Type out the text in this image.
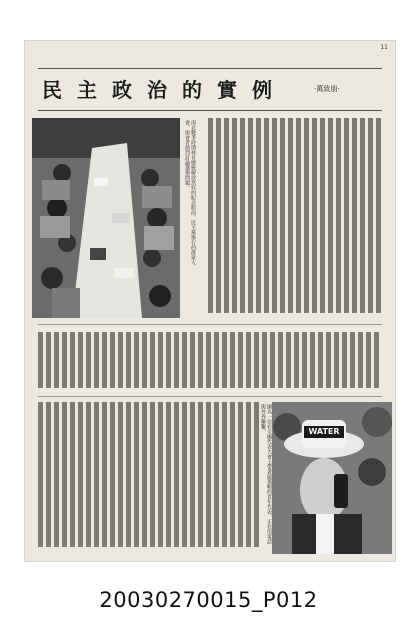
11
民主政治的實例	·萬致朋·
南北戰爭時期林肯總統解放黑奴的紀念館前，民主黨舉行的群眾大會，與會者熱烈討論選舉問題。
圖為一位在全國代表大會上帶著競選帽的青年代表，正在用電話與外界聯繫。	WATER
20030270015_P012
